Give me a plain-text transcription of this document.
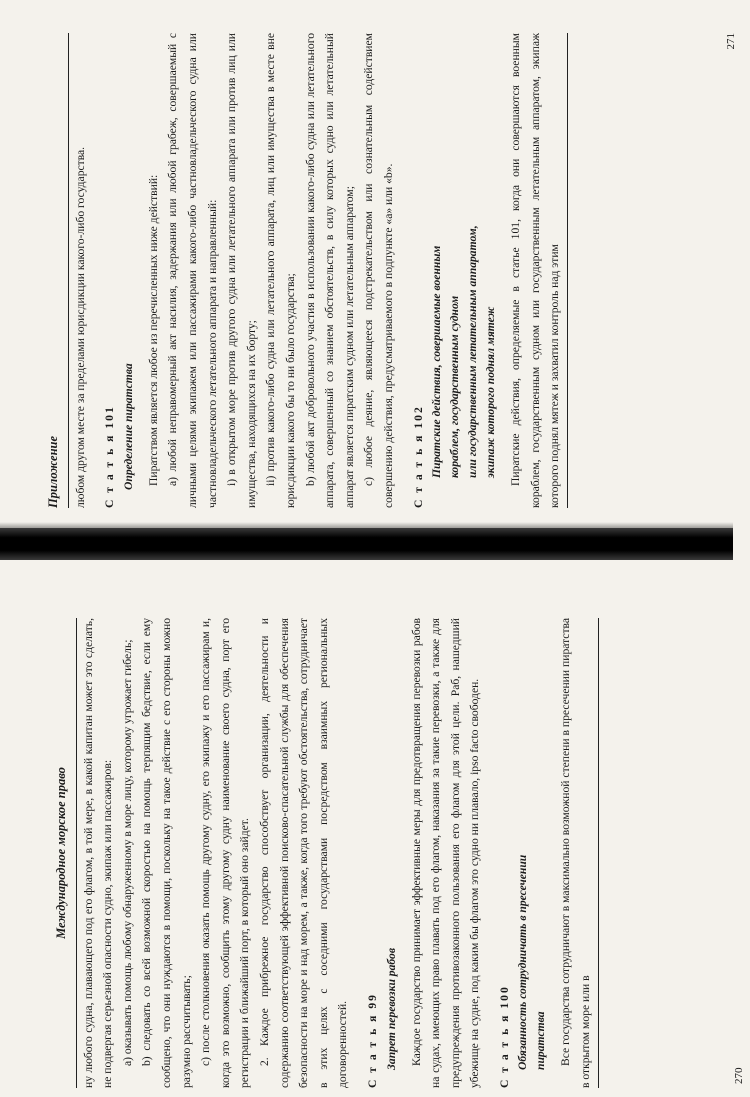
Приложение	любом другом месте за пределами юрисдикции какого-либо государства.	С т а т ь я 101 Определение пиратства Пиратством является любое из перечисленных ниже действий: a) любой неправомерный акт насилия, задержания или любой грабеж, совершаемый с личными целями экипажем или пассажирами какого-либо частновладельческого судна или частновладельческого летательного аппарата и направленный: i) в открытом море против другого судна или летательного аппарата или против лиц или имущества, находящихся на их борту; ii) против какого-либо судна или летательного аппарата, лиц или имущества в месте вне юрисдикции какого бы то ни было государства; b) любой акт добровольного участия в использовании какого-либо судна или летательного аппарата, совершенный со знанием обстоятельств, в силу которых судно или летательный аппарат является пиратским судном или летательным аппаратом; c) любое деяние, являющееся подстрекательством или сознательным содействием совершению действия, предусматриваемого в подпункте «a» или «b».	С т а т ь я 102 Пиратские действия, совершаемые военным кораблем, государственным судном или государственным летательным аппаратом, экипаж которого поднял мятеж Пиратские действия, определяемые в статье 101, когда они совершаются военным кораблем, государственным судном или государственным летательным аппаратом, экипаж которого поднял мятеж и захватил контроль над этим

271
Международное морское право	ну любого судна, плавающего под его флагом, в той мере, в какой капитан может это сделать, не подвергая серьезной опасности судно, экипаж или пассажиров: a) оказывать помощь любому обнаруженному в море лицу, которому угрожает гибель; b) следовать со всей возможной скоростью на помощь терпящим бедствие, если ему сообщено, что они нуждаются в помощи, поскольку на такое действие с его стороны можно разумно рассчитывать; c) после столкновения оказать помощь другому судну, его экипажу и его пассажирам и, когда это возможно, сообщить этому другому судну наименование своего судна, порт его регистрации и ближайший порт, в который оно зайдет. 2. Каждое прибрежное государство способствует организации, деятельности и содержанию соответствующей эффективной поисково-спасательной службы для обеспечения безопасности на море и над морем, а также, когда того требуют обстоятельства, сотрудничает в этих целях с соседними государствами посредством взаимных региональных договоренностей.	С т а т ь я 99 Запрет перевозки рабов Каждое государство принимает эффективные меры для предотвращения перевозки рабов на судах, имеющих право плавать под его флагом, наказания за такие перевозки, а также для предупреждения противозаконного пользования его флагом для этой цели. Раб, нашедший убежище на судне, под каким бы флагом это судно ни плавало, ipso facto свободен.	С т а т ь я 100 Обязанность сотрудничать в пресечении пиратства Все государства сотрудничают в максимально возможной степени в пресечении пиратства в открытом море или в	270
